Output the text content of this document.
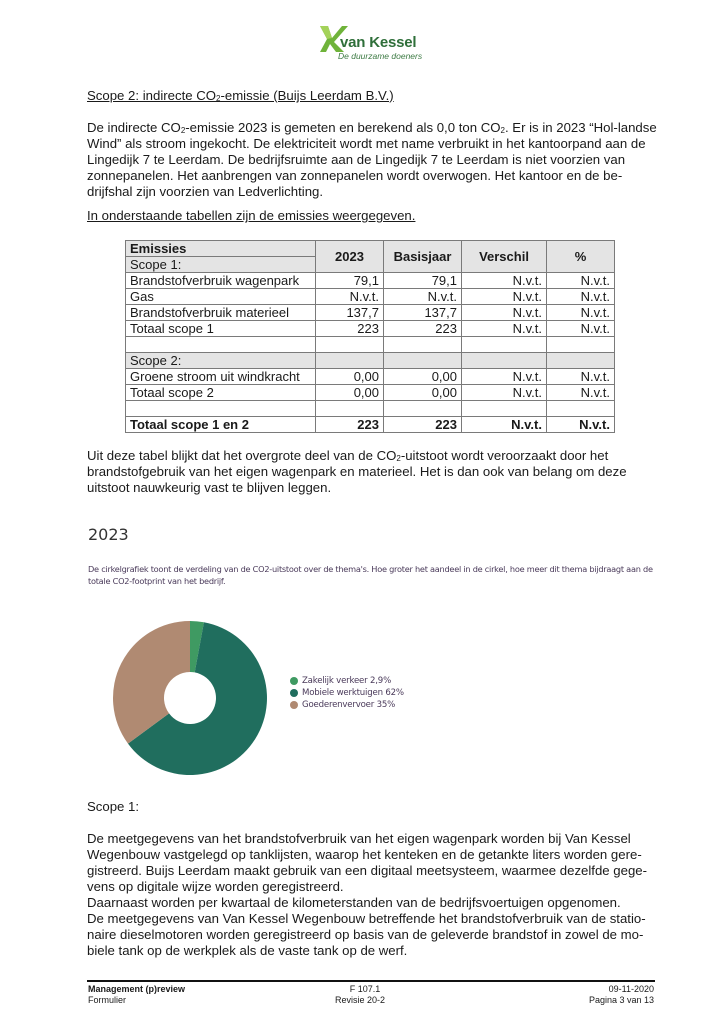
van Kessel
De duurzame doeners
Scope 2: indirecte $CO_2$-emissie (Buijs Leerdam B.V.)
De indirecte $CO_2$-emissie 2023 is gemeten en berekend als 0,0 ton $CO_2$. Er is in 2023 “Hol-landse Wind” als stroom ingekocht. De elektriciteit wordt met name verbruikt in het kantoorpand aan de Lingedijk 7 te Leerdam. De bedrijfsruimte aan de Lingedijk 7 te Leerdam is niet voorzien van zonnepanelen. Het aanbrengen van zonnepanelen wordt overwogen. Het kantoor en de be-drijfshal zijn voorzien van Ledverlichting.
In onderstaande tabellen zijn de emissies weergegeven.
Emissies	2023	Basisjaar	Verschil	%
Scope 1:				
Brandstofverbruik wagenpark	79,1	79,1	N.v.t.	N.v.t.
Gas	N.v.t.	N.v.t.	N.v.t.	N.v.t.
Brandstofverbruik materieel	137,7	137,7	N.v.t.	N.v.t.
Totaal scope 1	223	223	N.v.t.	N.v.t.

Scope 2:				
Groene stroom uit windkracht	0,00	0,00	N.v.t.	N.v.t.
Totaal scope 2	0,00	0,00	N.v.t.	N.v.t.

Totaal scope 1 en 2	223	223	N.v.t.	N.v.t.
Uit deze tabel blijkt dat het overgrote deel van de $CO_2$-uitstoot wordt veroorzaakt door het brandstofgebruik van het eigen wagenpark en materieel. Het is dan ook van belang om deze uitstoot nauwkeurig vast te blijven leggen.
2023
De cirkelgrafiek toont de verdeling van de CO2-uitstoot over de thema's. Hoe groter het aandeel in de cirkel, hoe meer dit thema bijdraagt aan de totale CO2-footprint van het bedrijf.
Zakelijk verkeer 2,9%
Mobiele werktuigen 62%
Goederenvervoer 35%
Scope 1:
De meetgegevens van het brandstofverbruik van het eigen wagenpark worden bij Van Kessel Wegenbouw vastgelegd op tanklijsten, waarop het kenteken en de getankte liters worden gere-gistreerd. Buijs Leerdam maakt gebruik van een digitaal meetsysteem, waarmee dezelfde gege-vens op digitale wijze worden geregistreerd.
Daarnaast worden per kwartaal de kilometerstanden van de bedrijfsvoertuigen opgenomen.
De meetgegevens van Van Kessel Wegenbouw betreffende het brandstofverbruik van de statio-naire dieselmotoren worden geregistreerd op basis van de geleverde brandstof in zowel de mo-biele tank op de werkplek als de vaste tank op de werf.
Management (p)review
Formulier
F 107.1
Revisie 20-2
09-11-2020
Pagina 3 van 13
